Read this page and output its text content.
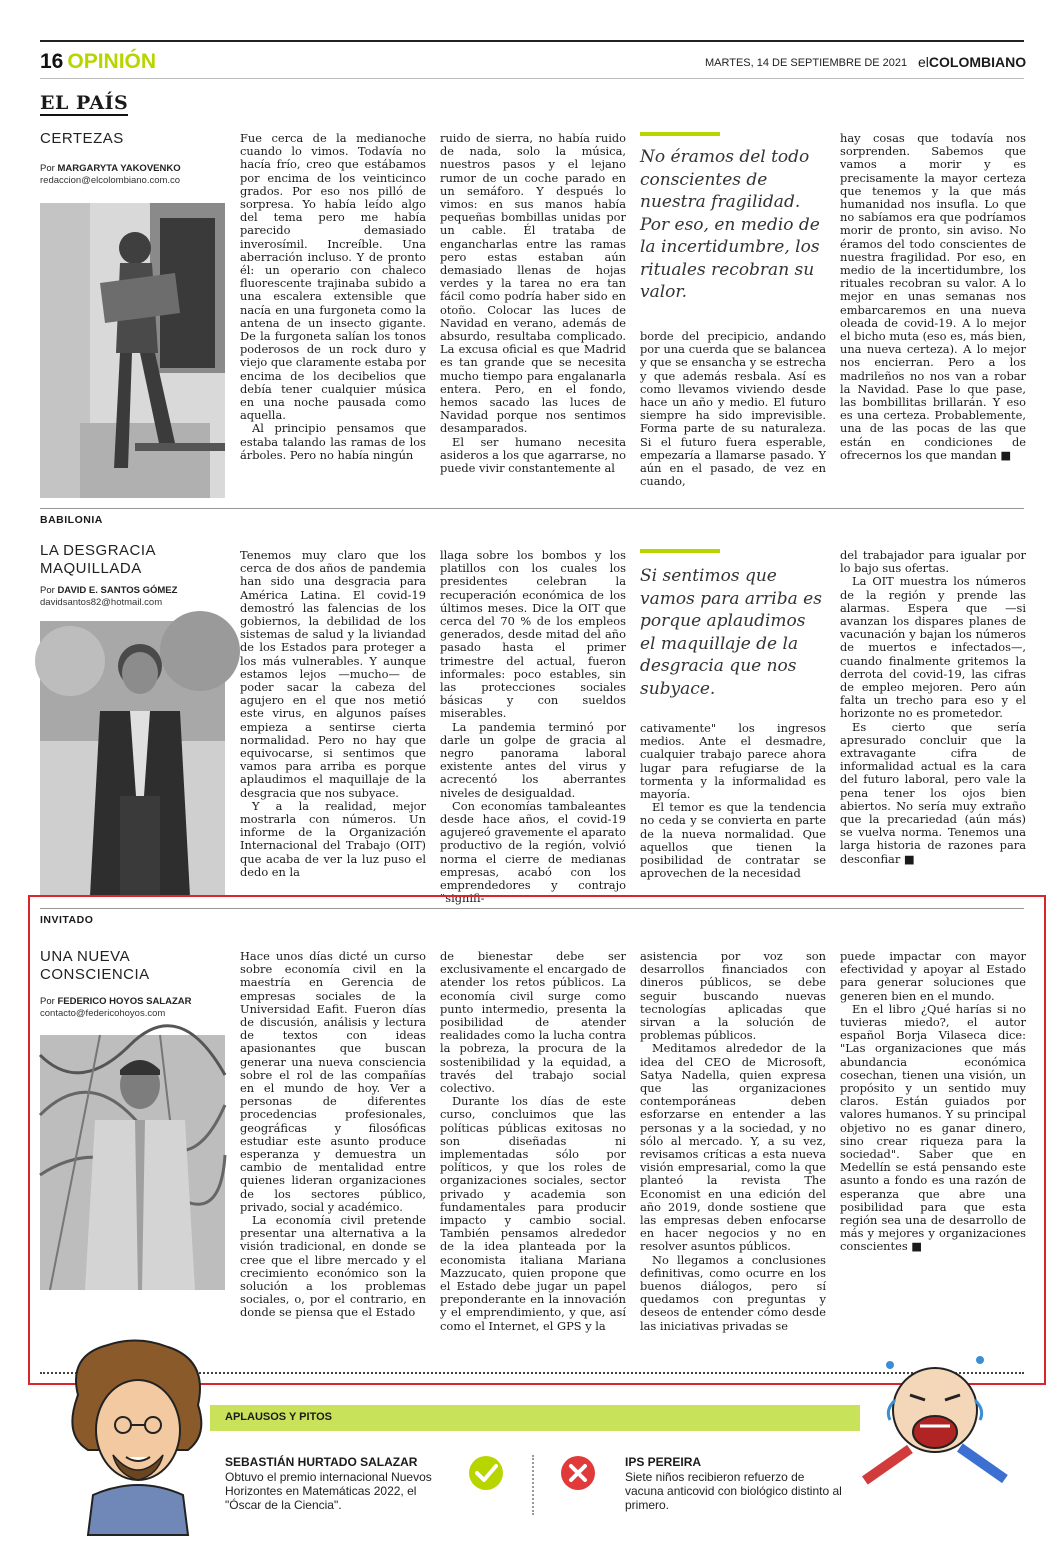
16 OPINIÓN	MARTES, 14 DE SEPTIEMBRE DE 2021 elCOLOMBIANO
EL PAÍS
CERTEZAS
Por MARGARYTA YAKOVENKO
redaccion@elcolombiano.com.co

Fue cerca de la medianoche cuando lo vimos. Todavía no hacía frío, creo que estábamos por encima de los veinticinco grados. Por eso nos pilló de sorpresa. Yo había leído algo del tema pero me había parecido demasiado inverosímil. Increíble. Una aberración incluso. Y de pronto él: un operario con chaleco fluorescente trajinaba subido a una escalera extensible que nacía en una furgoneta como la antena de un insecto gigante. De la furgoneta salían los tonos poderosos de un rock duro y viejo que claramente estaba por encima de los decibelios que debía tener cualquier música en una noche pausada como aquella.

Al principio pensamos que estaba talando las ramas de los árboles. Pero no había ningún

ruido de sierra, no había ruido de nada, solo la música, nuestros pasos y el lejano rumor de un coche parado en un semáforo. Y después lo vimos: en sus manos había pequeñas bombillas unidas por un cable. Él trataba de engancharlas entre las ramas pero estas estaban aún demasiado llenas de hojas verdes y la tarea no era tan fácil como podría haber sido en otoño. Colocar las luces de Navidad en verano, además de absurdo, resultaba complicado. La excusa oficial es que Madrid es tan grande que se necesita mucho tiempo para engalanarla entera. Pero, en el fondo, hemos sacado las luces de Navidad porque nos sentimos desamparados.

El ser humano necesita asideros a los que agarrarse, no puede vivir constantemente al

No éramos del todo conscientes de nuestra fragilidad. Por eso, en medio de la incertidumbre, los rituales recobran su valor.

borde del precipicio, andando por una cuerda que se balancea y que se ensancha y se estrecha y que además resbala. Así es como llevamos viviendo desde hace un año y medio. El futuro siempre ha sido imprevisible. Forma parte de su naturaleza. Si el futuro fuera esperable, empezaría a llamarse pasado. Y aún en el pasado, de vez en cuando,

hay cosas que todavía nos sorprenden. Sabemos que vamos a morir y es precisamente la mayor certeza que tenemos y la que más humanidad nos insufla. Lo que no sabíamos era que podríamos morir de pronto, sin aviso. No éramos del todo conscientes de nuestra fragilidad. Por eso, en medio de la incertidumbre, los rituales recobran su valor. A lo mejor en unas semanas nos embarcaremos en una nueva oleada de covid-19. A lo mejor el bicho muta (eso es, más bien, una nueva certeza). A lo mejor nos encierran. Pero a los madrileños no nos van a robar la Navidad. Pase lo que pase, las bombillitas brillarán. Y eso es una certeza. Probablemente, una de las pocas de las que están en condiciones de ofrecernos los que mandan ■

BABILONIA
LA DESGRACIA MAQUILLADA
Por DAVID E. SANTOS GÓMEZ
davidsantos82@hotmail.com

Tenemos muy claro que los cerca de dos años de pandemia han sido una desgracia para América Latina. El covid-19 demostró las falencias de los gobiernos, la debilidad de los sistemas de salud y la liviandad de los Estados para proteger a los más vulnerables. Y aunque estamos lejos —mucho— de poder sacar la cabeza del agujero en el que nos metió este virus, en algunos países empieza a sentirse cierta normalidad. Pero no hay que equivocarse, si sentimos que vamos para arriba es porque aplaudimos el maquillaje de la desgracia que nos subyace.

Y a la realidad, mejor mostrarla con números. Un informe de la Organización Internacional del Trabajo (OIT) que acaba de ver la luz puso el dedo en la

llaga sobre los bombos y los platillos con los cuales los presidentes celebran la recuperación económica de los últimos meses. Dice la OIT que cerca del 70 % de los empleos generados, desde mitad del año pasado hasta el primer trimestre del actual, fueron informales: poco estables, sin las protecciones sociales básicas y con sueldos miserables.

La pandemia terminó por darle un golpe de gracia al negro panorama laboral existente antes del virus y acrecentó los aberrantes niveles de desigualdad.

Con economías tambaleantes desde hace años, el covid-19 agujereó gravemente el aparato productivo de la región, volvió norma el cierre de medianas empresas, acabó con los emprendedores y contrajo "signifi-

Si sentimos que vamos para arriba es porque aplaudimos el maquillaje de la desgracia que nos subyace.

cativamente" los ingresos medios. Ante el desmadre, cualquier trabajo parece ahora lugar para refugiarse de la tormenta y la informalidad es mayoría.

El temor es que la tendencia no ceda y se convierta en parte de la nueva normalidad. Que aquellos que tienen la posibilidad de contratar se aprovechen de la necesidad

del trabajador para igualar por lo bajo sus ofertas.

La OIT muestra los números de la región y prende las alarmas. Espera que —si avanzan los dispares planes de vacunación y bajan los números de muertos e infectados—, cuando finalmente gritemos la derrota del covid-19, las cifras de empleo mejoren. Pero aún falta un trecho para eso y el horizonte no es prometedor.

Es cierto que sería apresurado concluir que la extravagante cifra de informalidad actual es la cara del futuro laboral, pero vale la pena tener los ojos bien abiertos. No sería muy extraño que la precariedad (aún más) se vuelva norma. Tenemos una larga historia de razones para desconfiar ■

INVITADO
UNA NUEVA CONSCIENCIA
Por FEDERICO HOYOS SALAZAR
contacto@federicohoyos.com

Hace unos días dicté un curso sobre economía civil en la maestría en Gerencia de empresas sociales de la Universidad Eafit. Fueron días de discusión, análisis y lectura de textos con ideas apasionantes que buscan generar una nueva consciencia sobre el rol de las compañías en el mundo de hoy. Ver a personas de diferentes procedencias profesionales, geográficas y filosóficas estudiar este asunto produce esperanza y demuestra un cambio de mentalidad entre quienes lideran organizaciones de los sectores público, privado, social y académico.

La economía civil pretende presentar una alternativa a la visión tradicional, en donde se cree que el libre mercado y el crecimiento económico son la solución a los problemas sociales, o, por el contrario, en donde se piensa que el Estado

de bienestar debe ser exclusivamente el encargado de atender los retos públicos. La economía civil surge como punto intermedio, presenta la posibilidad de atender realidades como la lucha contra la pobreza, la procura de la sostenibilidad y la equidad, a través del trabajo social colectivo.

Durante los días de este curso, concluimos que las políticas públicas exitosas no son diseñadas ni implementadas sólo por políticos, y que los roles de organizaciones sociales, sector privado y academia son fundamentales para producir impacto y cambio social. También pensamos alrededor de la idea planteada por la economista italiana Mariana Mazzucato, quien propone que el Estado debe jugar un papel preponderante en la innovación y el emprendimiento, y que, así como el Internet, el GPS y la

asistencia por voz son desarrollos financiados con dineros públicos, se debe seguir buscando nuevas tecnologías aplicadas que sirvan a la solución de problemas públicos.

Meditamos alrededor de la idea del CEO de Microsoft, Satya Nadella, quien expresa que las organizaciones contemporáneas deben esforzarse en entender a las personas y a la sociedad, y no sólo al mercado. Y, a su vez, revisamos críticas a esta nueva visión empresarial, como la que planteó la revista The Economist en una edición del año 2019, donde sostiene que las empresas deben enfocarse en hacer negocios y no en resolver asuntos públicos.

No llegamos a conclusiones definitivas, como ocurre en los buenos diálogos, pero sí quedamos con preguntas y deseos de entender cómo desde las iniciativas privadas se

puede impactar con mayor efectividad y apoyar al Estado para generar soluciones que generen bien en el mundo.

En el libro ¿Qué harías si no tuvieras miedo?, el autor español Borja Vilaseca dice: "Las organizaciones que más abundancia económica cosechan, tienen una visión, un propósito y un sentido muy claros. Están guiados por valores humanos. Y su principal objetivo no es ganar dinero, sino crear riqueza para la sociedad". Saber que en Medellín se está pensando este asunto a fondo es una razón de esperanza que abre una posibilidad para que esta región sea una de desarrollo de más y mejores y organizaciones conscientes ■

APLAUSOS Y PITOS
SEBASTIÁN HURTADO SALAZAR
Obtuvo el premio internacional Nuevos Horizontes en Matemáticas 2022, el "Óscar de la Ciencia".
IPS PEREIRA
Siete niños recibieron refuerzo de vacuna anticovid con biológico distinto al primero.
